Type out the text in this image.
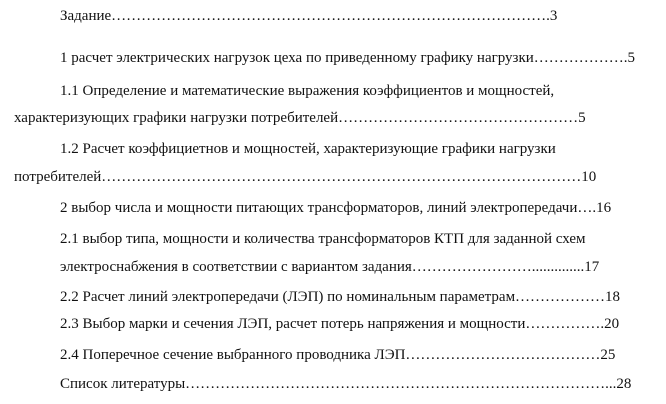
Задание…………………………………………………………………………….3
1 расчет электрических нагрузок цеха по приведенному графику нагрузки……………….5
1.1 Определение и математические выражения коэффициентов и мощностей,
характеризующих графики нагрузки потребителей…………………………………………5
1.2 Расчет коэффициетнов и мощностей, характеризующие графики нагрузки
потребителей……………………………………………………………………………………10
2 выбор числа и мощности питающих трансформаторов, линий электропередачи….16
2.1 выбор типа, мощности и количества трансформаторов КТП для заданной схем
электроснабжения в соответствии с вариантом задания……………………..............17
2.2 Расчет линий электропередачи (ЛЭП) по номинальным параметрам………………18
2.3 Выбор марки и сечения ЛЭП, расчет потерь напряжения и мощности…………….20
2.4 Поперечное сечение выбранного проводника ЛЭП…………………………………25
Список литературы…………………………………………………………………………...28
